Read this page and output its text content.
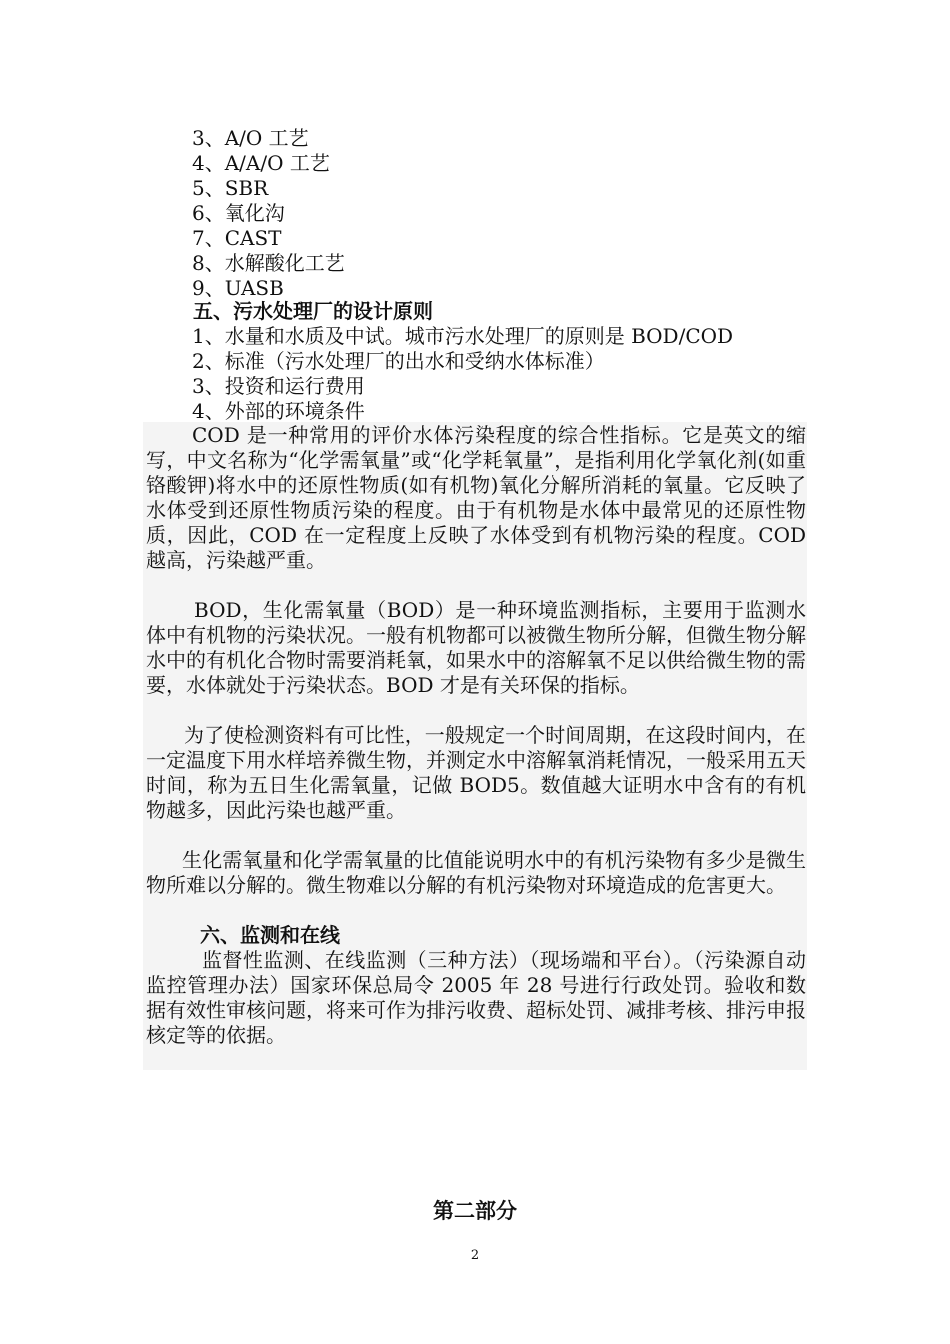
3、A/O 工艺
4、A/A/O 工艺
5、SBR
6、氧化沟
7、CAST
8、水解酸化工艺
9、UASB
五、污水处理厂的设计原则
1、水量和水质及中试。城市污水处理厂的原则是 BOD/COD
2、标准（污水处理厂的出水和受纳水体标准）
3、投资和运行费用
4、外部的环境条件

COD 是一种常用的评价水体污染程度的综合性指标。它是英文的缩写，中文名称为“化学需氧量”或“化学耗氧量”，是指利用化学氧化剂(如重铬酸钾)将水中的还原性物质(如有机物)氧化分解所消耗的氧量。它反映了水体受到还原性物质污染的程度。由于有机物是水体中最常见的还原性物质，因此，COD 在一定程度上反映了水体受到有机物污染的程度。COD 越高，污染越严重。

BOD，生化需氧量（BOD）是一种环境监测指标，主要用于监测水体中有机物的污染状况。一般有机物都可以被微生物所分解，但微生物分解水中的有机化合物时需要消耗氧，如果水中的溶解氧不足以供给微生物的需要，水体就处于污染状态。BOD 才是有关环保的指标。

为了使检测资料有可比性，一般规定一个时间周期，在这段时间内，在一定温度下用水样培养微生物，并测定水中溶解氧消耗情况，一般采用五天时间，称为五日生化需氧量，记做 BOD5。数值越大证明水中含有的有机物越多，因此污染也越严重。

生化需氧量和化学需氧量的比值能说明水中的有机污染物有多少是微生物所难以分解的。微生物难以分解的有机污染物对环境造成的危害更大。

六、监测和在线

监督性监测、在线监测（三种方法）（现场端和平台）。（污染源自动监控管理办法）国家环保总局令 2005 年 28 号进行行政处罚。验收和数据有效性审核问题，将来可作为排污收费、超标处罚、减排考核、排污申报核定等的依据。

第二部分
2
